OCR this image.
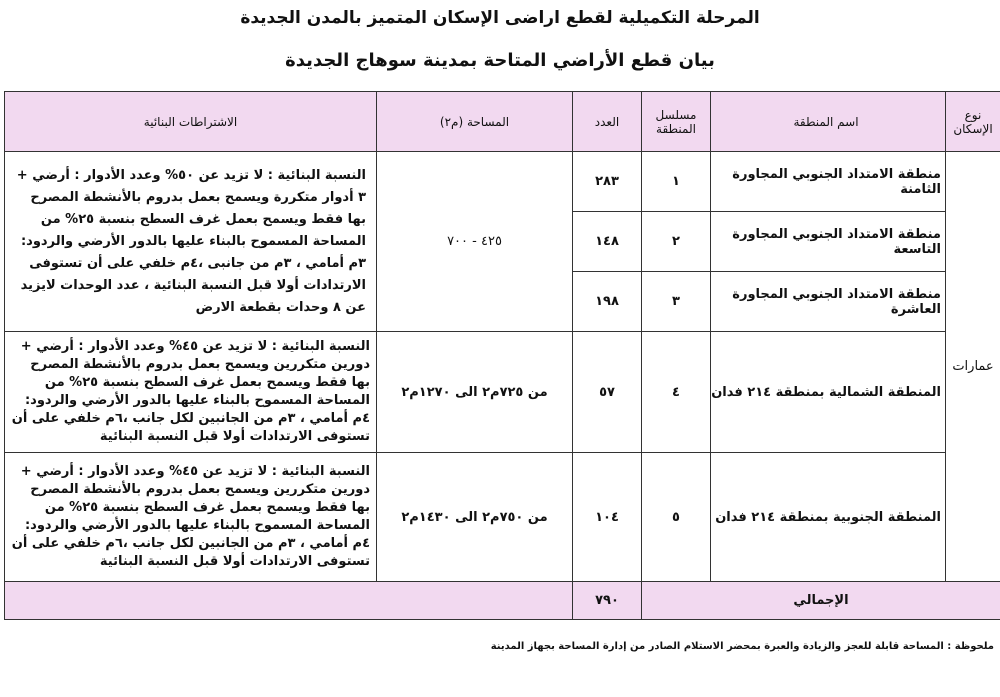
المرحلة التكميلية لقطع اراضى الإسكان المتميز بالمدن الجديدة
بيان قطع الأراضي المتاحة بمدينة سوهاج الجديدة
نوع الإسكان	اسم المنطقة	مسلسل المنطقة	العدد	المساحة (م٢)	الاشتراطات البنائية
عمارات	منطقة الامتداد الجنوبي المجاورة الثامنة	١	٢٨٣	٤٢٥ - ٧٠٠	النسبة البنائية : لا تزيد عن ٥٠% وعدد الأدوار : أرضي + ٣ أدوار متكررة ويسمح بعمل بدروم بالأنشطة المصرح بها فقط ويسمح بعمل غرف السطح بنسبة ٢٥% من المساحة المسموح بالبناء عليها بالدور الأرضي والردود: ٣م أمامي ، ٣م من جانبى ،٤م خلفي على أن تستوفى الارتدادات أولا قبل النسبة البنائية ، عدد الوحدات لايزيد عن ٨ وحدات بقطعة الارض
	منطقة الامتداد الجنوبي المجاورة التاسعة	٢	١٤٨		
	منطقة الامتداد الجنوبي المجاورة العاشرة	٣	١٩٨		
	المنطقة الشمالية بمنطقة ٢١٤ فدان	٤	٥٧	من ٧٢٥م٢ الى ١٢٧٠م٢	النسبة البنائية : لا تزيد عن ٤٥% وعدد الأدوار : أرضي + دورين متكررين ويسمح بعمل بدروم بالأنشطة المصرح بها فقط ويسمح بعمل غرف السطح بنسبة ٢٥% من المساحة المسموح بالبناء عليها بالدور الأرضي والردود: ٤م أمامي ، ٣م من الجانبين لكل جانب ،٦م خلفي على أن تستوفى الارتدادات أولا قبل النسبة البنائية
	المنطقة الجنوبية بمنطقة ٢١٤ فدان	٥	١٠٤	من ٧٥٠م٢ الى ١٤٣٠م٢	النسبة البنائية : لا تزيد عن ٤٥% وعدد الأدوار : أرضي + دورين متكررين ويسمح بعمل بدروم بالأنشطة المصرح بها فقط ويسمح بعمل غرف السطح بنسبة ٢٥% من المساحة المسموح بالبناء عليها بالدور الأرضي والردود: ٤م أمامي ، ٣م من الجانبين لكل جانب ،٦م خلفي على أن تستوفى الارتدادات أولا قبل النسبة البنائية
الإجمالي			٧٩٠		
ملحوظة : المساحة قابلة للعجز والزيادة والعبرة بمحضر الاستلام الصادر من إدارة المساحة بجهاز المدينة
